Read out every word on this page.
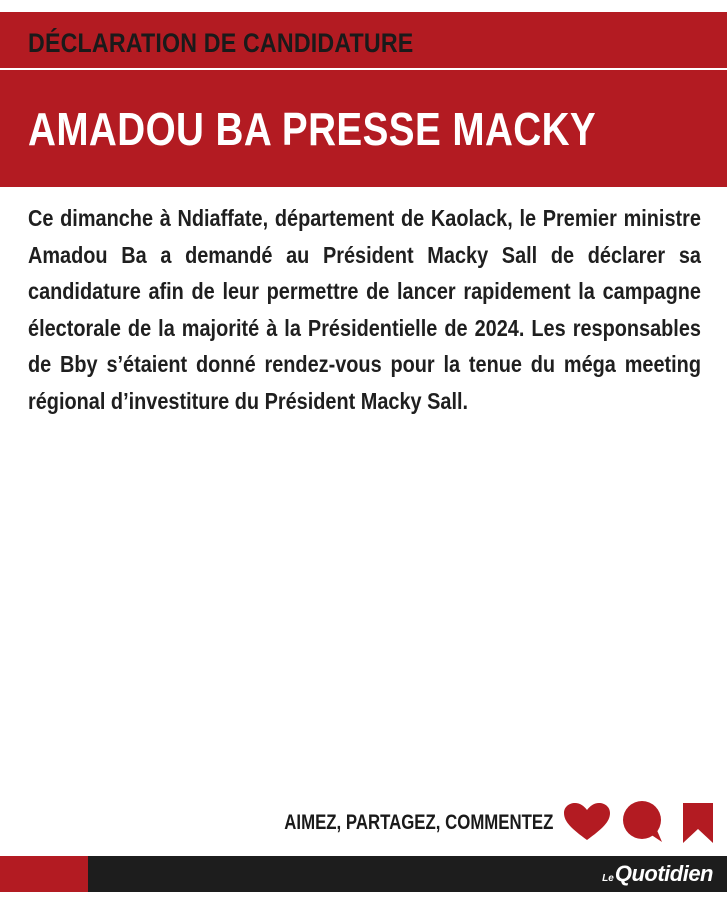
DÉCLARATION DE CANDIDATURE
AMADOU BA PRESSE MACKY
Ce dimanche à Ndiaffate, département de Kaolack, le Premier ministre Amadou Ba a demandé au Président Macky Sall de déclarer sa candidature afin de leur permettre de lancer rapidement la campagne électorale de la majorité à la Présidentielle de 2024. Les responsables de Bby s’étaient donné rendez-vous pour la tenue du méga meeting régional d’investiture du Président Macky Sall.
AIMEZ, PARTAGEZ, COMMENTEZ
LeQuotidien
